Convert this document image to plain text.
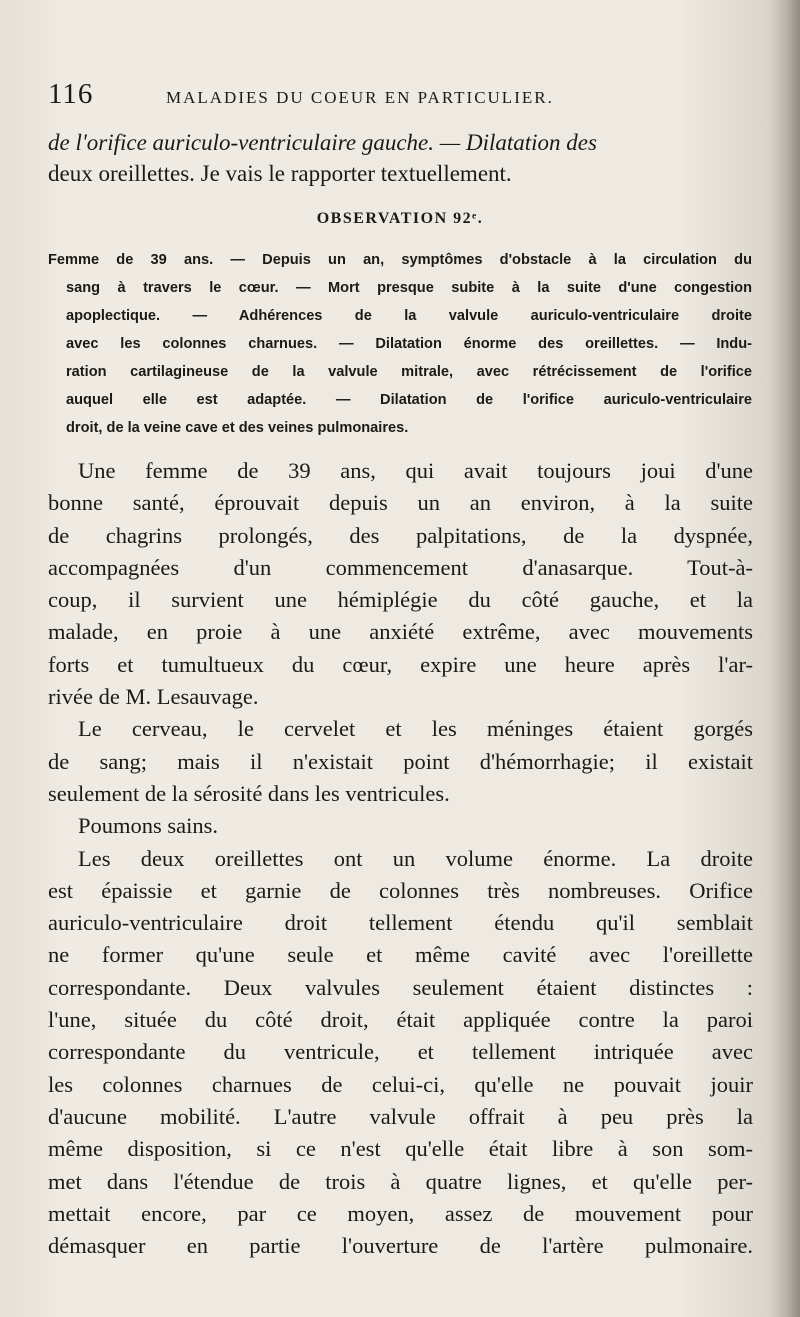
116	MALADIES DU COEUR EN PARTICULIER.
de l'orifice auriculo-ventriculaire gauche. — Dilatation des
deux oreillettes. Je vais le rapporter textuellement.
OBSERVATION 92ᵉ.
Femme de 39 ans. — Depuis un an, symptômes d'obstacle à la circulation du
sang à travers le cœur. — Mort presque subite à la suite d'une congestion
apoplectique. — Adhérences de la valvule auriculo-ventriculaire droite
avec les colonnes charnues. — Dilatation énorme des oreillettes. — Indu-
ration cartilagineuse de la valvule mitrale, avec rétrécissement de l'orifice
auquel elle est adaptée. — Dilatation de l'orifice auriculo-ventriculaire
droit, de la veine cave et des veines pulmonaires.
Une femme de 39 ans, qui avait toujours joui d'une
bonne santé, éprouvait depuis un an environ, à la suite
de chagrins prolongés, des palpitations, de la dyspnée,
accompagnées d'un commencement d'anasarque. Tout-à-
coup, il survient une hémiplégie du côté gauche, et la
malade, en proie à une anxiété extrême, avec mouvements
forts et tumultueux du cœur, expire une heure après l'ar-
rivée de M. Lesauvage.
Le cerveau, le cervelet et les méninges étaient gorgés
de sang; mais il n'existait point d'hémorrhagie; il existait
seulement de la sérosité dans les ventricules.
Poumons sains.
Les deux oreillettes ont un volume énorme. La droite
est épaissie et garnie de colonnes très nombreuses. Orifice
auriculo-ventriculaire droit tellement étendu qu'il semblait
ne former qu'une seule et même cavité avec l'oreillette
correspondante. Deux valvules seulement étaient distinctes :
l'une, située du côté droit, était appliquée contre la paroi
correspondante du ventricule, et tellement intriquée avec
les colonnes charnues de celui-ci, qu'elle ne pouvait jouir
d'aucune mobilité. L'autre valvule offrait à peu près la
même disposition, si ce n'est qu'elle était libre à son som-
met dans l'étendue de trois à quatre lignes, et qu'elle per-
mettait encore, par ce moyen, assez de mouvement pour
démasquer en partie l'ouverture de l'artère pulmonaire.
